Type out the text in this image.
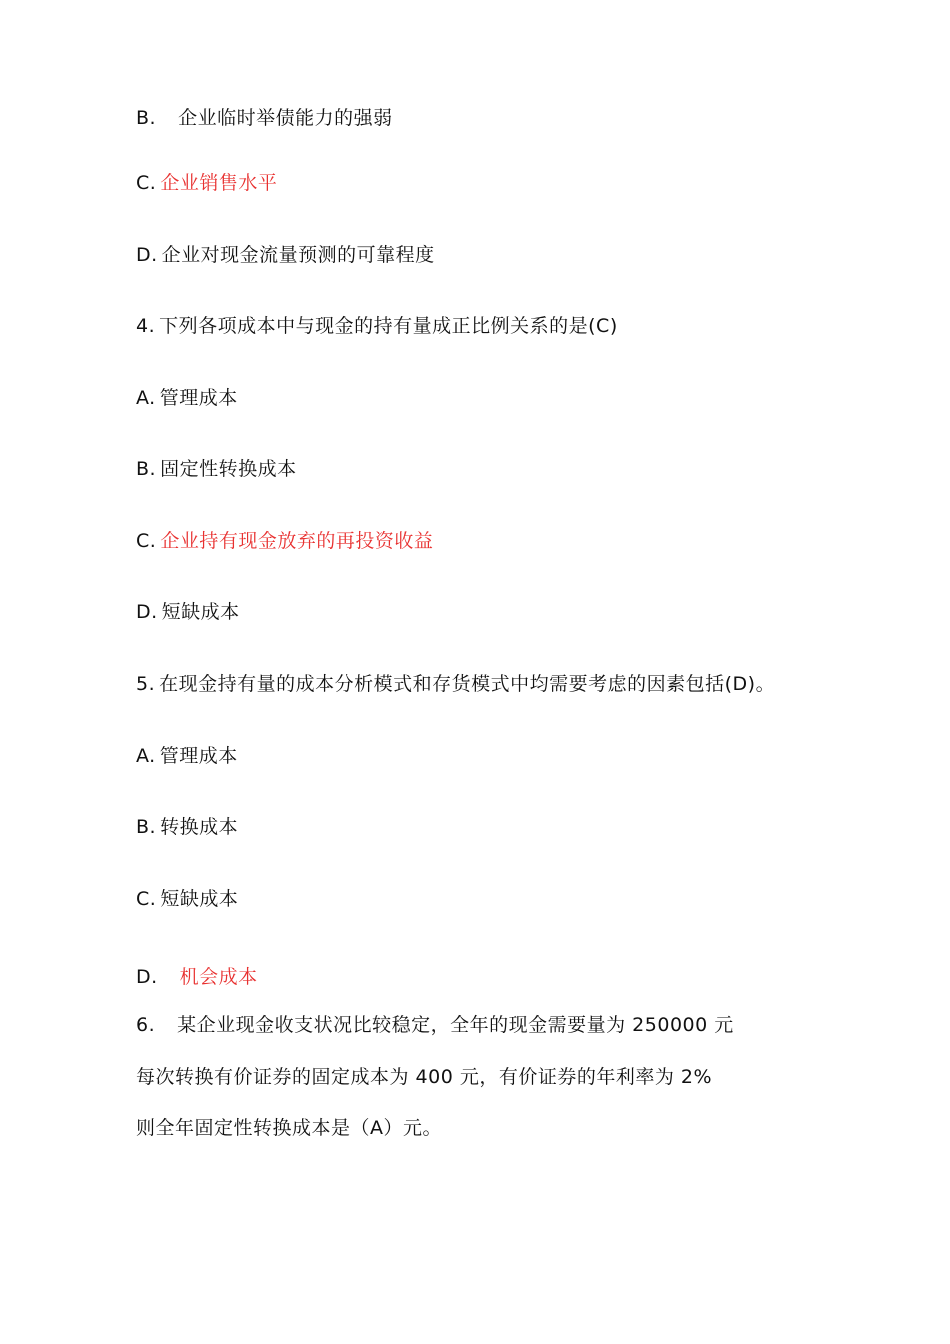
B. 企业临时举债能力的强弱
C. 企业销售水平
D. 企业对现金流量预测的可靠程度
4. 下列各项成本中与现金的持有量成正比例关系的是(C)
A. 管理成本
B. 固定性转换成本
C. 企业持有现金放弃的再投资收益
D. 短缺成本
5. 在现金持有量的成本分析模式和存货模式中均需要考虑的因素包括(D)。
A. 管理成本
B. 转换成本
C. 短缺成本
D. 机会成本
6. 某企业现金收支状况比较稳定，全年的现金需要量为 250000 元
每次转换有价证券的固定成本为 400 元，有价证券的年利率为 2%
则全年固定性转换成本是（A）元。
